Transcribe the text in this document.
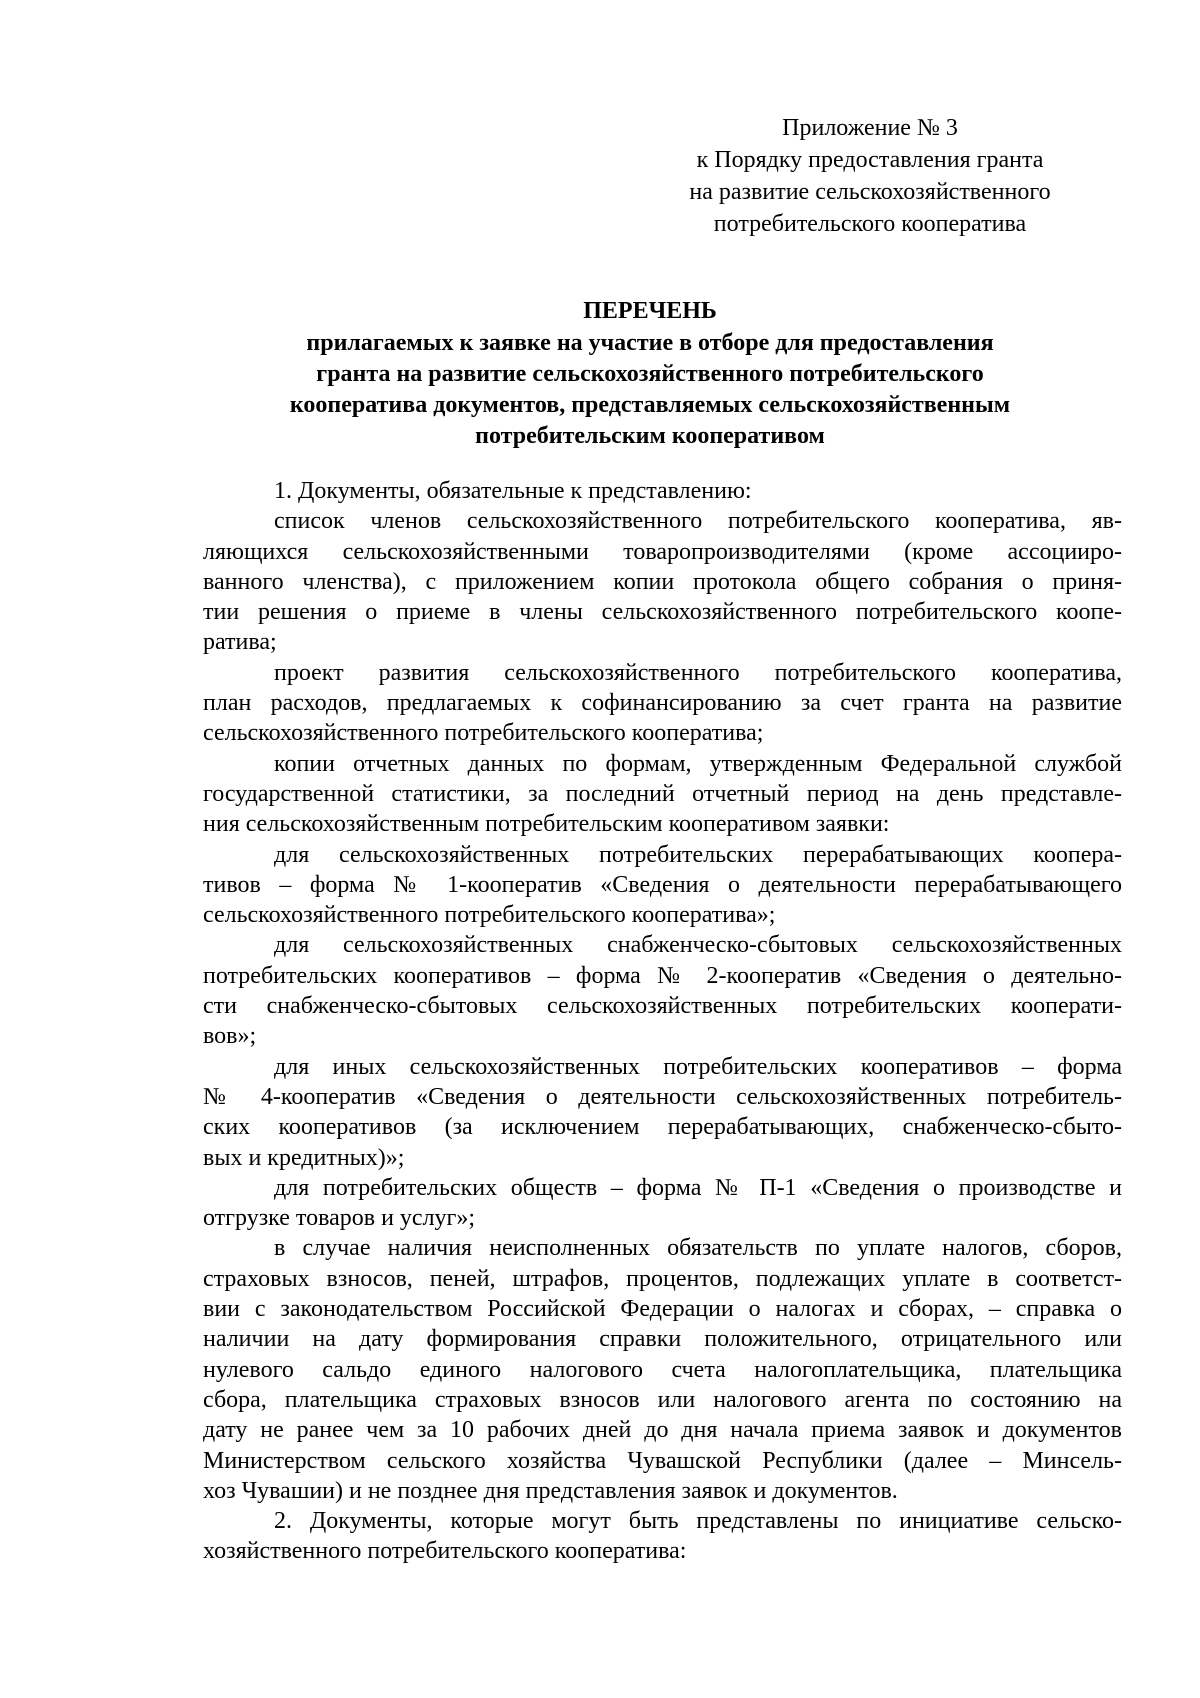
Приложение № 3
к Порядку предоставления гранта
на развитие сельскохозяйственного
потребительского кооператива
ПЕРЕЧЕНЬ
прилагаемых к заявке на участие в отборе для предоставления
гранта на развитие сельскохозяйственного потребительского
кооператива документов, представляемых сельскохозяйственным
потребительским кооперативом
1. Документы, обязательные к представлению:
список членов сельскохозяйственного потребительского кооператива, яв-
ляющихся сельскохозяйственными товаропроизводителями (кроме ассоцииро-
ванного членства), с приложением копии протокола общего собрания о приня-
тии решения о приеме в члены сельскохозяйственного потребительского коопе-
ратива;
проект развития сельскохозяйственного потребительского кооператива,
план расходов, предлагаемых к софинансированию за счет гранта на развитие
сельскохозяйственного потребительского кооператива;
копии отчетных данных по формам, утвержденным Федеральной службой
государственной статистики, за последний отчетный период на день представле-
ния сельскохозяйственным потребительским кооперативом заявки:
для сельскохозяйственных потребительских перерабатывающих коопера-
тивов – форма № 1-кооператив «Сведения о деятельности перерабатывающего
сельскохозяйственного потребительского кооператива»;
для сельскохозяйственных снабженческо-сбытовых сельскохозяйственных
потребительских кооперативов – форма № 2-кооператив «Сведения о деятельно-
сти снабженческо-сбытовых сельскохозяйственных потребительских кооперати-
вов»;
для иных сельскохозяйственных потребительских кооперативов – форма
№ 4-кооператив «Сведения о деятельности сельскохозяйственных потребитель-
ских кооперативов (за исключением перерабатывающих, снабженческо-сбыто-
вых и кредитных)»;
для потребительских обществ – форма № П-1 «Сведения о производстве и
отгрузке товаров и услуг»;
в случае наличия неисполненных обязательств по уплате налогов, сборов,
страховых взносов, пеней, штрафов, процентов, подлежащих уплате в соответст-
вии с законодательством Российской Федерации о налогах и сборах, – справка о
наличии на дату формирования справки положительного, отрицательного или
нулевого сальдо единого налогового счета налогоплательщика, плательщика
сбора, плательщика страховых взносов или налогового агента по состоянию на
дату не ранее чем за 10 рабочих дней до дня начала приема заявок и документов
Министерством сельского хозяйства Чувашской Республики (далее – Минсель-
хоз Чувашии) и не позднее дня представления заявок и документов.
2. Документы, которые могут быть представлены по инициативе сельско-
хозяйственного потребительского кооператива:
